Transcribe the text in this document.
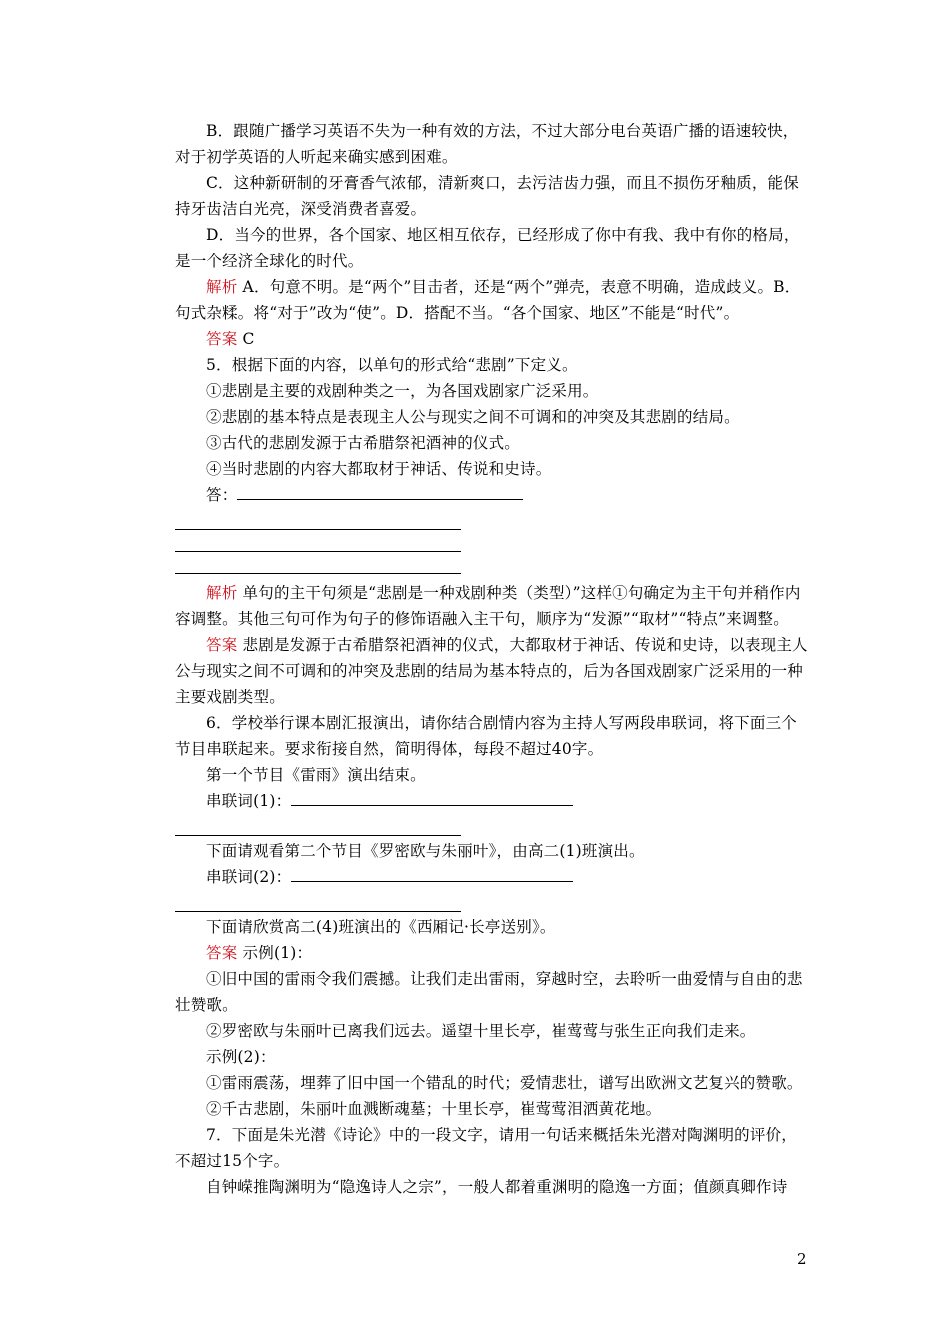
B．跟随广播学习英语不失为一种有效的方法，不过大部分电台英语广播的语速较快，对于初学英语的人听起来确实感到困难。

C．这种新研制的牙膏香气浓郁，清新爽口，去污洁齿力强，而且不损伤牙釉质，能保持牙齿洁白光亮，深受消费者喜爱。

D．当今的世界，各个国家、地区相互依存，已经形成了你中有我、我中有你的格局，是一个经济全球化的时代。

解析 A．句意不明。是“两个”目击者，还是“两个”弹壳，表意不明确，造成歧义。B．句式杂糅。将“对于”改为“使”。D．搭配不当。“各个国家、地区”不能是“时代”。

答案 C

5．根据下面的内容，以单句的形式给“悲剧”下定义。

①悲剧是主要的戏剧种类之一，为各国戏剧家广泛采用。

②悲剧的基本特点是表现主人公与现实之间不可调和的冲突及其悲剧的结局。

③古代的悲剧发源于古希腊祭祀酒神的仪式。

④当时悲剧的内容大都取材于神话、传说和史诗。

答：

解析 单句的主干句须是“悲剧是一种戏剧种类（类型）”这样①句确定为主干句并稍作内容调整。其他三句可作为句子的修饰语融入主干句，顺序为“发源”“取材”“特点”来调整。

答案 悲剧是发源于古希腊祭祀酒神的仪式，大都取材于神话、传说和史诗，以表现主人公与现实之间不可调和的冲突及悲剧的结局为基本特点的，后为各国戏剧家广泛采用的一种主要戏剧类型。

6．学校举行课本剧汇报演出，请你结合剧情内容为主持人写两段串联词，将下面三个节目串联起来。要求衔接自然，简明得体，每段不超过40字。

第一个节目《雷雨》演出结束。

串联词(1)：

下面请观看第二个节目《罗密欧与朱丽叶》，由高二(1)班演出。

串联词(2)：

下面请欣赏高二(4)班演出的《西厢记·长亭送别》。

答案 示例(1)：

①旧中国的雷雨令我们震撼。让我们走出雷雨，穿越时空，去聆听一曲爱情与自由的悲壮赞歌。

②罗密欧与朱丽叶已离我们远去。遥望十里长亭，崔莺莺与张生正向我们走来。

示例(2)：

①雷雨震荡，埋葬了旧中国一个错乱的时代；爱情悲壮，谱写出欧洲文艺复兴的赞歌。

②千古悲剧，朱丽叶血溅断魂墓；十里长亭，崔莺莺泪洒黄花地。

7．下面是朱光潜《诗论》中的一段文字，请用一句话来概括朱光潜对陶渊明的评价，不超过15个字。

自钟嵘推陶渊明为“隐逸诗人之宗”，一般人都着重渊明的隐逸一方面；值颜真卿作诗

2
